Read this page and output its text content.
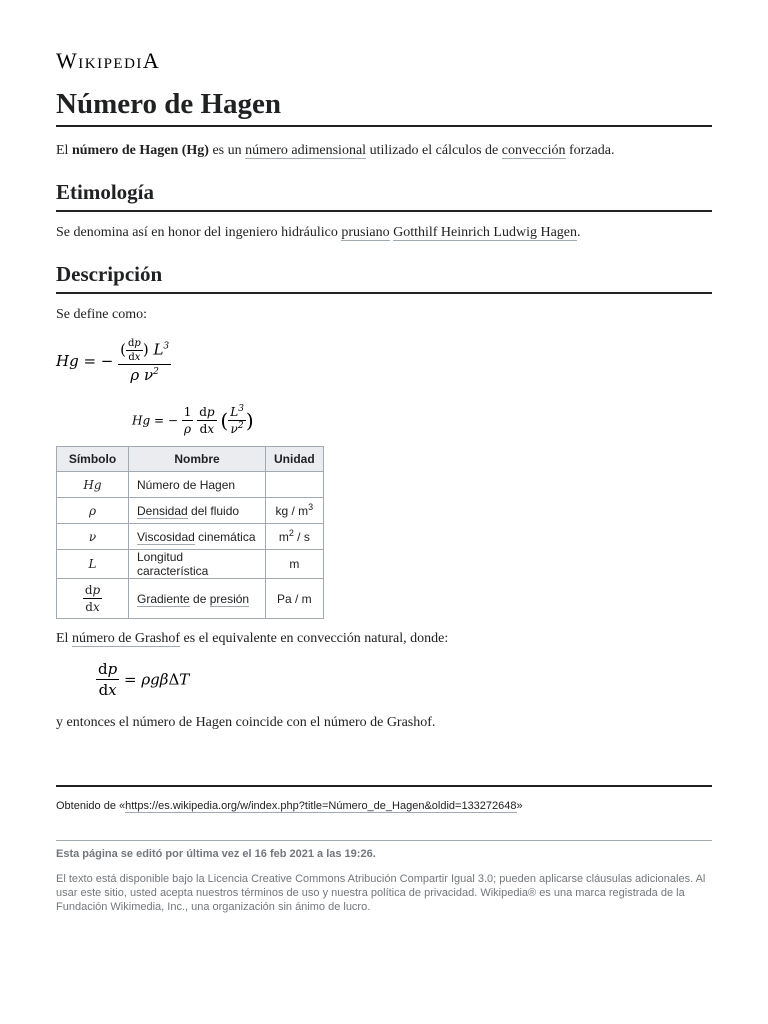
WikipediA
Número de Hagen

El número de Hagen (Hg) es un número adimensional utilizado el cálculos de convección forzada.

Etimología

Se denomina así en honor del ingeniero hidráulico prusiano Gotthilf Heinrich Ludwig Hagen.

Descripción

Se define como:

Hg = − $\frac{( \frac{dp}{dx} ) L^3}{\rho \nu^2}$
Hg = − $\frac{1}{\rho}$
$\frac{dp}{dx}$ ( $\frac{L^3}{\nu^2}$ )
Símbolo	Nombre	Unidad
Hg	Número de Hagen	
ρ	Densidad del fluido	kg / $m^3$
ν	Viscosidad cinemática	$m^2$ / s
L	Longitud característica	m

$\frac{dp}{dx}$	Gradiente de presión	Pa / m

El número de Grashof es el equivalente en convección natural, donde:

$\frac{dp}{dx} = \rho g\beta\Delta T$

y entonces el número de Hagen coincide con el número de Grashof.

Obtenido de «https://es.wikipedia.org/w/index.php?title=Número_de_Hagen&oldid=133272648»
Esta página se editó por última vez el 16 feb 2021 a las 19:26.
El texto está disponible bajo la Licencia Creative Commons Atribución Compartir Igual 3.0; pueden aplicarse cláusulas adicionales. Al usar este sitio, usted acepta nuestros términos de uso y nuestra política de privacidad. Wikipedia® es una marca registrada de la Fundación Wikimedia, Inc., una organización sin ánimo de lucro.
